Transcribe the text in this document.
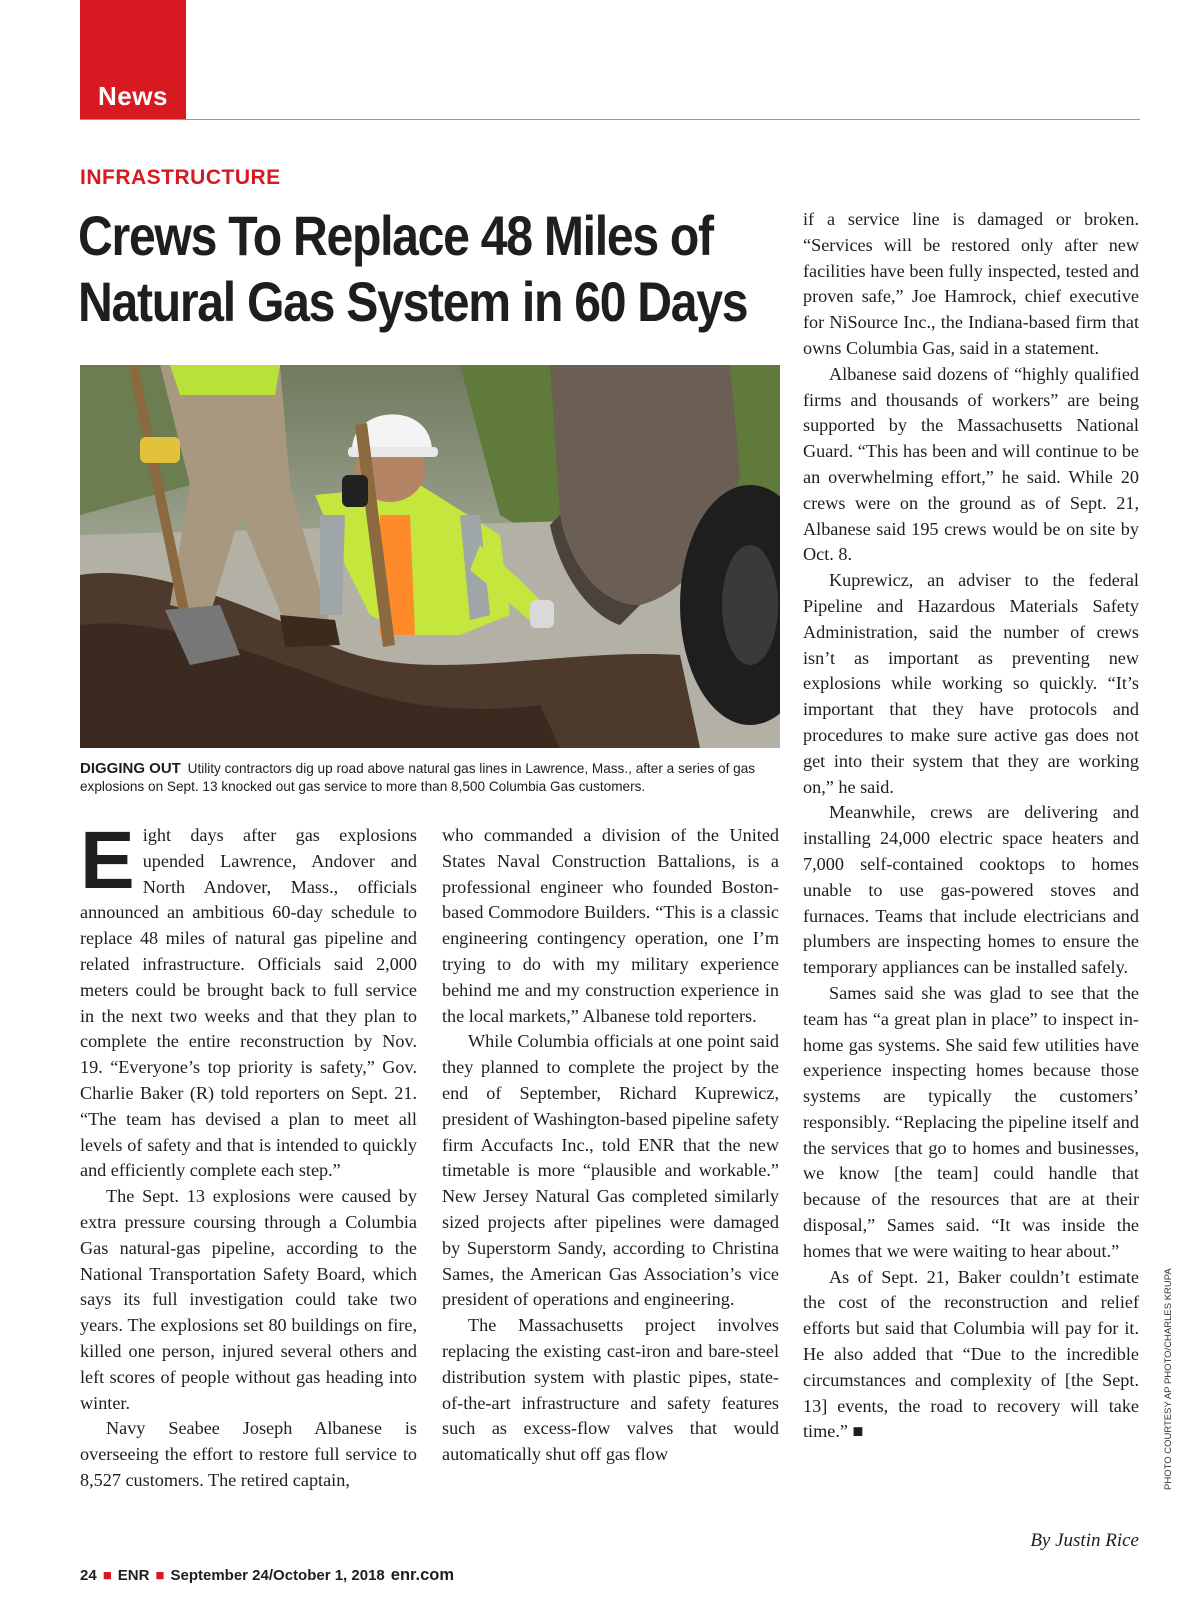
News
INFRASTRUCTURE
Crews To Replace 48 Miles of
Natural Gas System in 60 Days
DIGGING OUT Utility contractors dig up road above natural gas lines in Lawrence, Mass., after a series of gas explosions on Sept. 13 knocked out gas service to more than 8,500 Columbia Gas customers.

Eight days after gas explosions upended Lawrence, Andover and North Andover, Mass., officials announced an ambitious 60-day schedule to replace 48 miles of natural gas pipeline and related infrastructure. Officials said 2,000 meters could be brought back to full service in the next two weeks and that they plan to complete the entire reconstruction by Nov. 19. “Everyone’s top priority is safety,” Gov. Charlie Baker (R) told reporters on Sept. 21. “The team has devised a plan to meet all levels of safety and that is intended to quickly and efficiently complete each step.”

The Sept. 13 explosions were caused by extra pressure coursing through a Columbia Gas natural-gas pipeline, according to the National Transportation Safety Board, which says its full investigation could take two years. The explosions set 80 buildings on fire, killed one person, injured several others and left scores of people without gas heading into winter.

Navy Seabee Joseph Albanese is overseeing the effort to restore full service to 8,527 customers. The retired captain,

who commanded a division of the United States Naval Construction Battalions, is a professional engineer who founded Boston-based Commodore Builders. “This is a classic engineering contingency operation, one I’m trying to do with my military experience behind me and my construction experience in the local markets,” Albanese told reporters.

While Columbia officials at one point said they planned to complete the project by the end of September, Richard Kuprewicz, president of Washington-based pipeline safety firm Accufacts Inc., told ENR that the new timetable is more “plausible and workable.” New Jersey Natural Gas completed similarly sized projects after pipelines were damaged by Superstorm Sandy, according to Christina Sames, the American Gas Association’s vice president of operations and engineering.

The Massachusetts project involves replacing the existing cast-iron and bare-steel distribution system with plastic pipes, state-of-the-art infrastructure and safety features such as excess-flow valves that would automatically shut off gas flow

if a service line is damaged or broken. “Services will be restored only after new facilities have been fully inspected, tested and proven safe,” Joe Hamrock, chief executive for NiSource Inc., the Indiana-based firm that owns Columbia Gas, said in a statement.

Albanese said dozens of “highly qualified firms and thousands of workers” are being supported by the Massachusetts National Guard. “This has been and will continue to be an overwhelming effort,” he said. While 20 crews were on the ground as of Sept. 21, Albanese said 195 crews would be on site by Oct. 8.

Kuprewicz, an adviser to the federal Pipeline and Hazardous Materials Safety Administration, said the number of crews isn’t as important as preventing new explosions while working so quickly. “It’s important that they have protocols and procedures to make sure active gas does not get into their system that they are working on,” he said.

Meanwhile, crews are delivering and installing 24,000 electric space heaters and 7,000 self-contained cooktops to homes unable to use gas-powered stoves and furnaces. Teams that include electricians and plumbers are inspecting homes to ensure the temporary appliances can be installed safely.

Sames said she was glad to see that the team has “a great plan in place” to inspect in-home gas systems. She said few utilities have experience inspecting homes because those systems are typically the customers’ responsibly. “Replacing the pipeline itself and the services that go to homes and businesses, we know [the team] could handle that because of the resources that are at their disposal,” Sames said. “It was inside the homes that we were waiting to hear about.”

As of Sept. 21, Baker couldn’t estimate the cost of the reconstruction and relief efforts but said that Columbia will pay for it. He also added that “Due to the incredible circumstances and complexity of [the Sept. 13] events, the road to recovery will take time.” ■

By Justin Rice
PHOTO COURTESY AP PHOTO/CHARLES KRUPA
24 ■ ENR ■ September 24/October 1, 2018 enr.com
